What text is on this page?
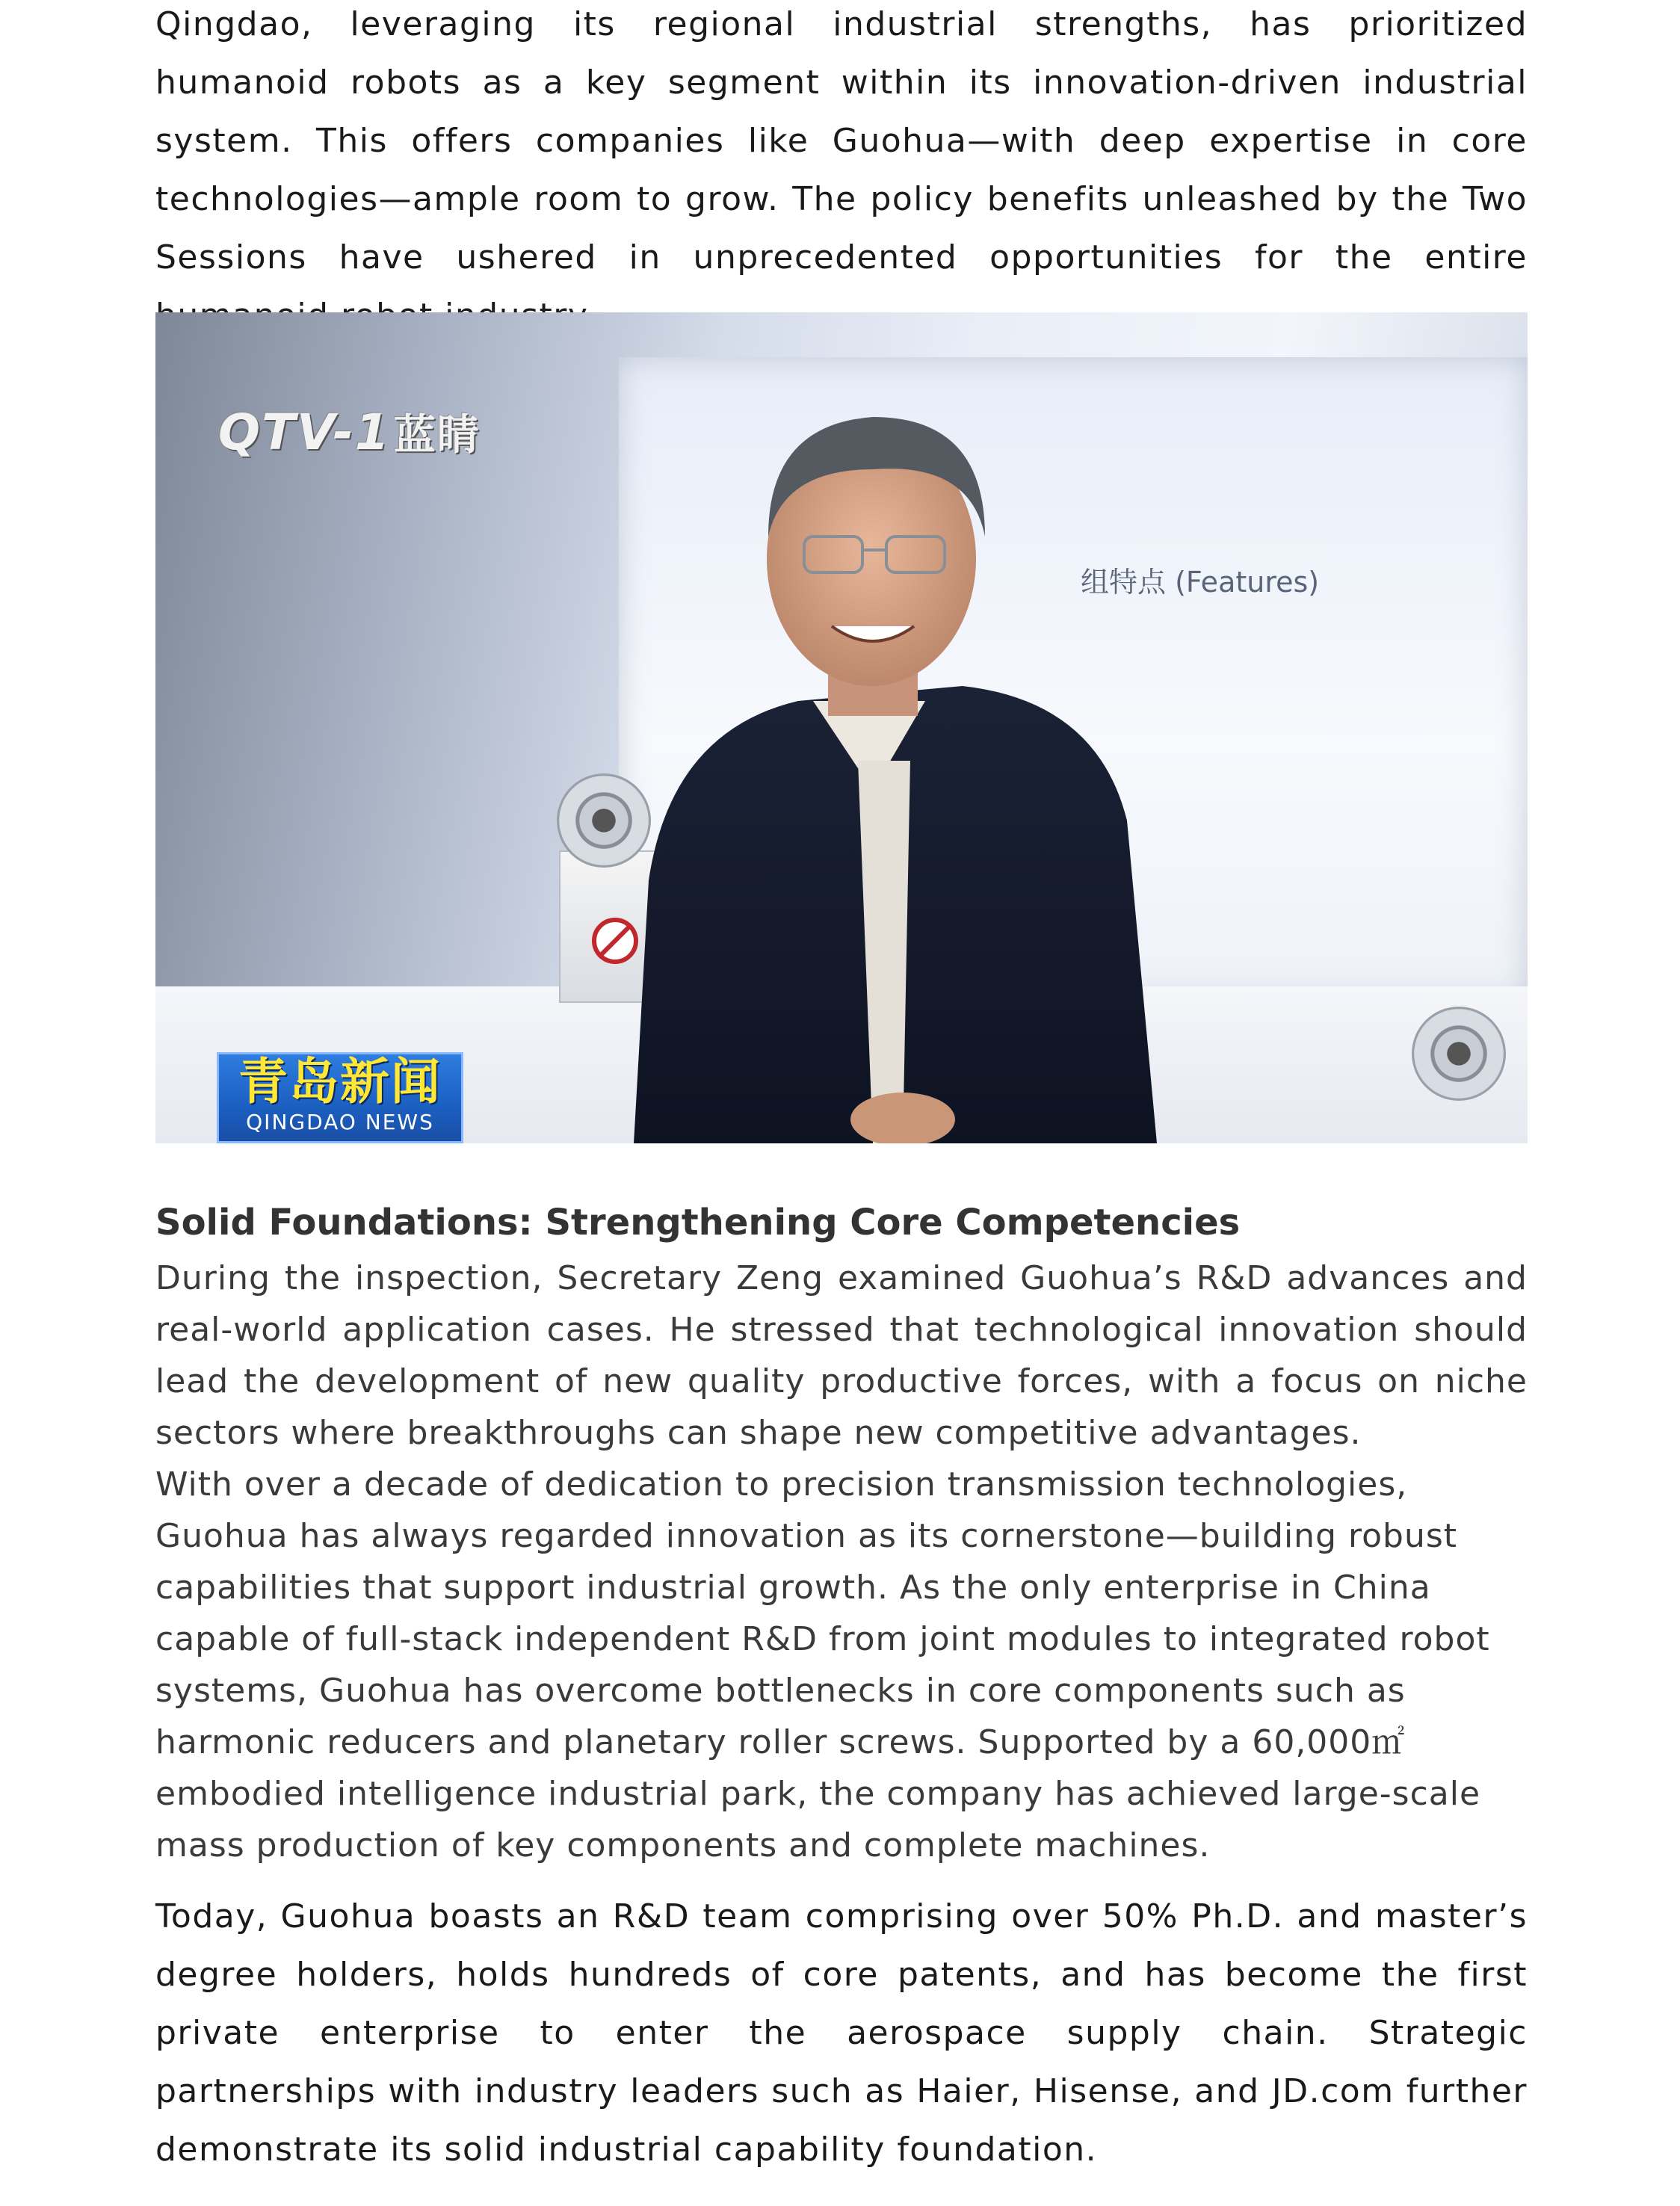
Qingdao, leveraging its regional industrial strengths, has prioritized humanoid robots as a key segment within its innovation-driven industrial system. This offers companies like Guohua—with deep expertise in core technologies—ample room to grow. The policy benefits unleashed by the Two Sessions have ushered in unprecedented opportunities for the entire

QTV-1蓝睛
组特点 (Features)
青岛新闻
QINGDAO NEWS
Solid Foundations: Strengthening Core Competencies
During the inspection, Secretary Zeng examined Guohua’s R&D advances and real-world application cases. He stressed that technological innovation should lead the development of new quality productive forces, with a focus on niche sectors where breakthroughs can shape new competitive advantages.
With over a decade of dedication to precision transmission technologies, Guohua has always regarded innovation as its cornerstone—building robust capabilities that support industrial growth. As the only enterprise in China capable of full-stack independent R&D from joint modules to integrated robot systems, Guohua has overcome bottlenecks in core components such as harmonic reducers and planetary roller screws. Supported by a 60,000㎡ embodied intelligence industrial park, the company has achieved large-scale mass production of key components and complete machines.

Today, Guohua boasts an R&D team comprising over 50% Ph.D. and master’s degree holders, holds hundreds of core patents, and has become the first private enterprise to enter the aerospace supply chain. Strategic partnerships with industry leaders such as Haier, Hisense, and JD.com further demonstrate its solid industrial capability foundation.
